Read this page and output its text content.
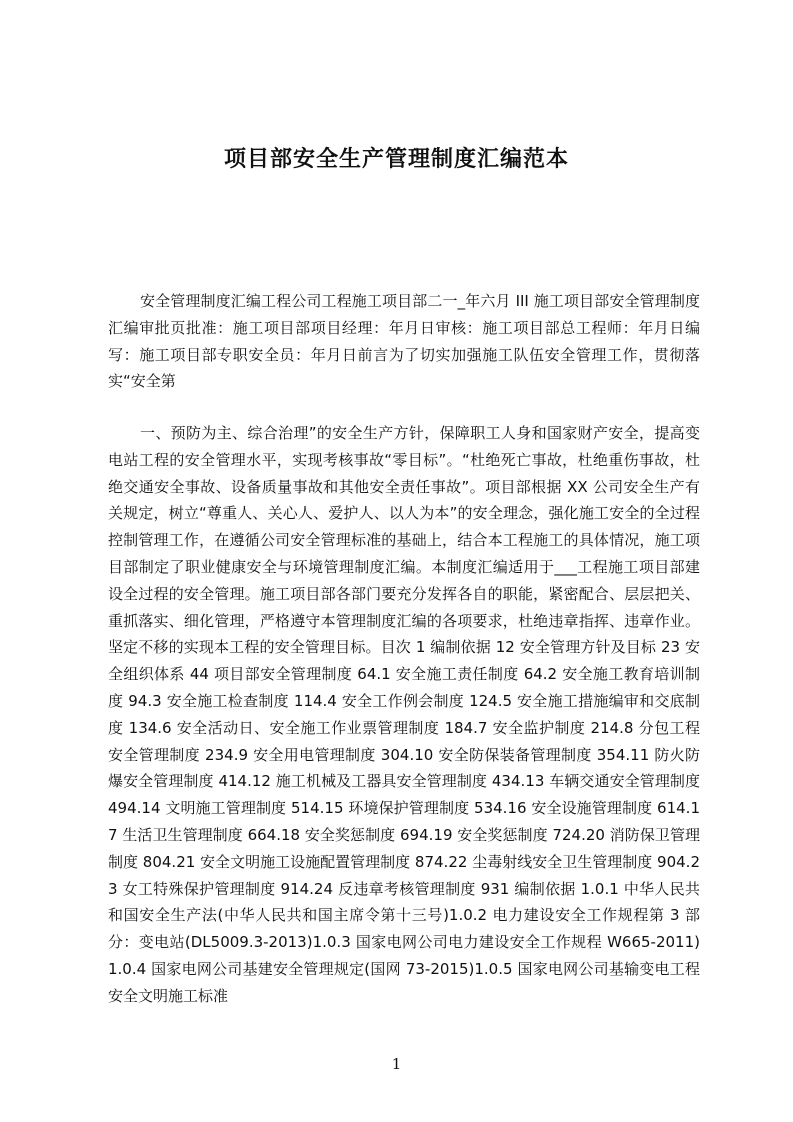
项目部安全生产管理制度汇编范本

安全管理制度汇编工程公司工程施工项目部二一_年六月 III 施工项目部安全管理制度汇编审批页批准：施工项目部项目经理：年月日审核：施工项目部总工程师：年月日编写：施工项目部专职安全员：年月日前言为了切实加强施工队伍安全管理工作，贯彻落实“安全第

一、预防为主、综合治理”的安全生产方针，保障职工人身和国家财产安全，提高变电站工程的安全管理水平，实现考核事故“零目标”。“杜绝死亡事故，杜绝重伤事故，杜绝交通安全事故、设备质量事故和其他安全责任事故”。项目部根据 XX 公司安全生产有关规定，树立“尊重人、关心人、爱护人、以人为本”的安全理念，强化施工安全的全过程控制管理工作，在遵循公司安全管理标准的基础上，结合本工程施工的具体情况，施工项目部制定了职业健康安全与环境管理制度汇编。本制度汇编适用于___工程施工项目部建设全过程的安全管理。施工项目部各部门要充分发挥各自的职能，紧密配合、层层把关、重抓落实、细化管理，严格遵守本管理制度汇编的各项要求，杜绝违章指挥、违章作业。坚定不移的实现本工程的安全管理目标。目次 1 编制依据 12 安全管理方针及目标 23 安全组织体系 44 项目部安全管理制度 64.1 安全施工责任制度 64.2 安全施工教育培训制度 94.3 安全施工检查制度 114.4 安全工作例会制度 124.5 安全施工措施编审和交底制度 134.6 安全活动日、安全施工作业票管理制度 184.7 安全监护制度 214.8 分包工程安全管理制度 234.9 安全用电管理制度 304.10 安全防保装备管理制度 354.11 防火防爆安全管理制度 414.12 施工机械及工器具安全管理制度 434.13 车辆交通安全管理制度 494.14 文明施工管理制度 514.15 环境保护管理制度 534.16 安全设施管理制度 614.17 生活卫生管理制度 664.18 安全奖惩制度 694.19 安全奖惩制度 724.20 消防保卫管理制度 804.21 安全文明施工设施配置管理制度 874.22 尘毒射线安全卫生管理制度 904.23 女工特殊保护管理制度 914.24 反违章考核管理制度 931 编制依据 1.0.1 中华人民共和国安全生产法(中华人民共和国主席令第十三号)1.0.2 电力建设安全工作规程第 3 部分：变电站(DL5009.3-2013)1.0.3 国家电网公司电力建设安全工作规程 W665-2011)1.0.4 国家电网公司基建安全管理规定(国网 73-2015)1.0.5 国家电网公司基输变电工程安全文明施工标准

1
